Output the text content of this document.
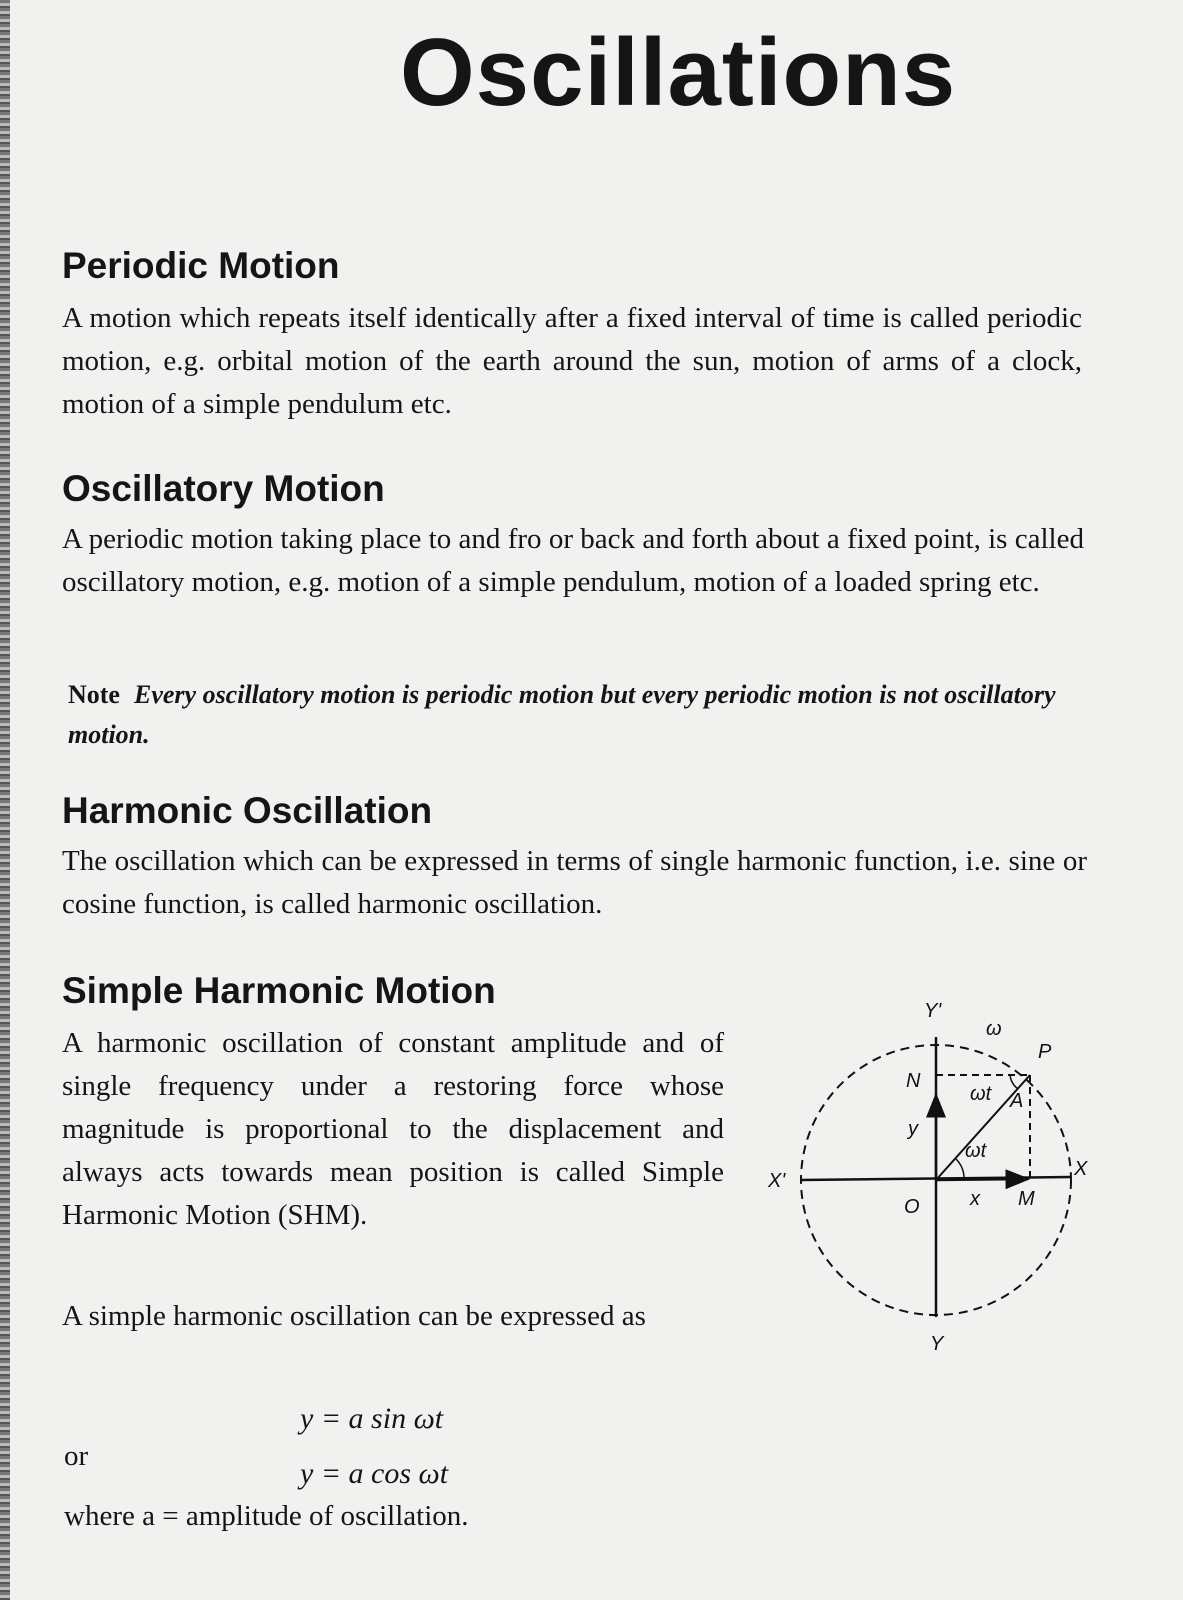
Oscillations
Periodic Motion

A motion which repeats itself identically after a fixed interval of time is called periodic motion, e.g. orbital motion of the earth around the sun, motion of arms of a clock, motion of a simple pendulum etc.

Oscillatory Motion

A periodic motion taking place to and fro or back and forth about a fixed point, is called oscillatory motion, e.g. motion of a simple pendulum, motion of a loaded spring etc.

Note Every oscillatory motion is periodic motion but every periodic motion is not oscillatory motion.
Harmonic Oscillation

The oscillation which can be expressed in terms of single harmonic function, i.e. sine or cosine function, is called harmonic oscillation.

Simple Harmonic Motion

A harmonic oscillation of constant amplitude and of single frequency under a restoring force whose magnitude is proportional to the displacement and always acts towards mean position is called Simple Harmonic Motion (SHM).

A simple harmonic oscillation can be expressed as

y = a sin ωt
or
y = a cos ωt
where a = amplitude of oscillation.
Y'
Y
X'
X
O
P
N
M
A
ω
ωt
ωt
y
x
